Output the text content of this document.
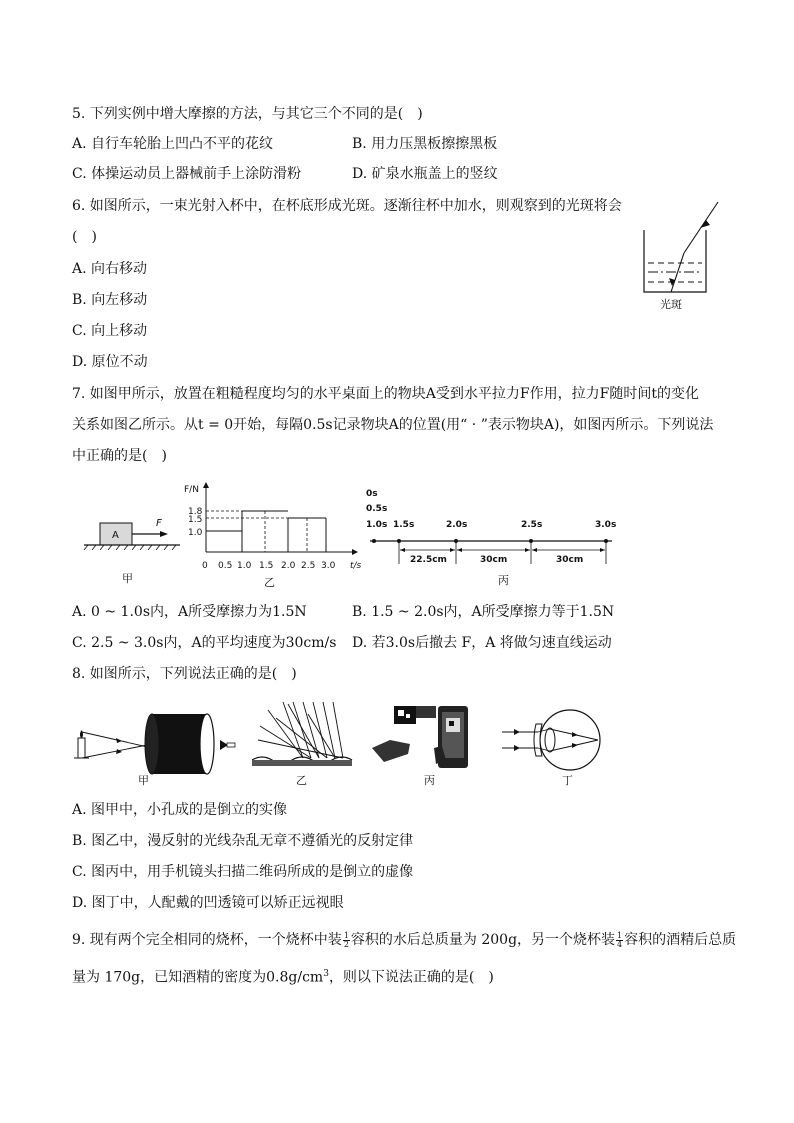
5. 下列实例中增大摩擦的方法，与其它三个不同的是(　)
A. 自行车轮胎上凹凸不平的花纹	B. 用力压黑板擦擦黑板
C. 体操运动员上器械前手上涂防滑粉	D. 矿泉水瓶盖上的竖纹
6. 如图所示，一束光射入杯中，在杯底形成光斑。逐渐往杯中加水，则观察到的光斑将会
(　)
A. 向右移动
B. 向左移动
C. 向上移动
D. 原位不动
光斑
7. 如图甲所示，放置在粗糙程度均匀的水平桌面上的物块A受到水平拉力F作用，拉力F随时间t的变化
关系如图乙所示。从t = 0开始，每隔0.5s记录物块A的位置(用“ · ”表示物块A)，如图丙所示。下列说法
中正确的是(　)
A
F
甲
F/N
t/s
1.8
1.5
1.0
0 0.5 1.0 1.5 2.0 2.5 3.0
乙
0s
0.5s
1.0s 1.5s	2.0s	2.5s	3.0s
22.5cm	30cm	30cm
丙
A. 0 ~ 1.0s内，A所受摩擦力为1.5N	B. 1.5 ~ 2.0s内，A所受摩擦力等于1.5N
C. 2.5 ~ 3.0s内，A的平均速度为30cm/s D. 若3.0s后撤去 F，A 将做匀速直线运动
8. 如图所示，下列说法正确的是(　)
甲	乙	丙	丁
A. 图甲中，小孔成的是倒立的实像
B. 图乙中，漫反射的光线杂乱无章不遵循光的反射定律
C. 图丙中，用手机镜头扫描二维码所成的是倒立的虚像
D. 图丁中，人配戴的凹透镜可以矫正远视眼
9. 现有两个完全相同的烧杯，一个烧杯中装 $\frac{1}{2}$ 容积的水后总质量为 200g，另一个烧杯装 $\frac{1}{4}$ 容积的酒精后总质
量为 170g，已知酒精的密度为$0.8g/cm^3$，则以下说法正确的是(　)
